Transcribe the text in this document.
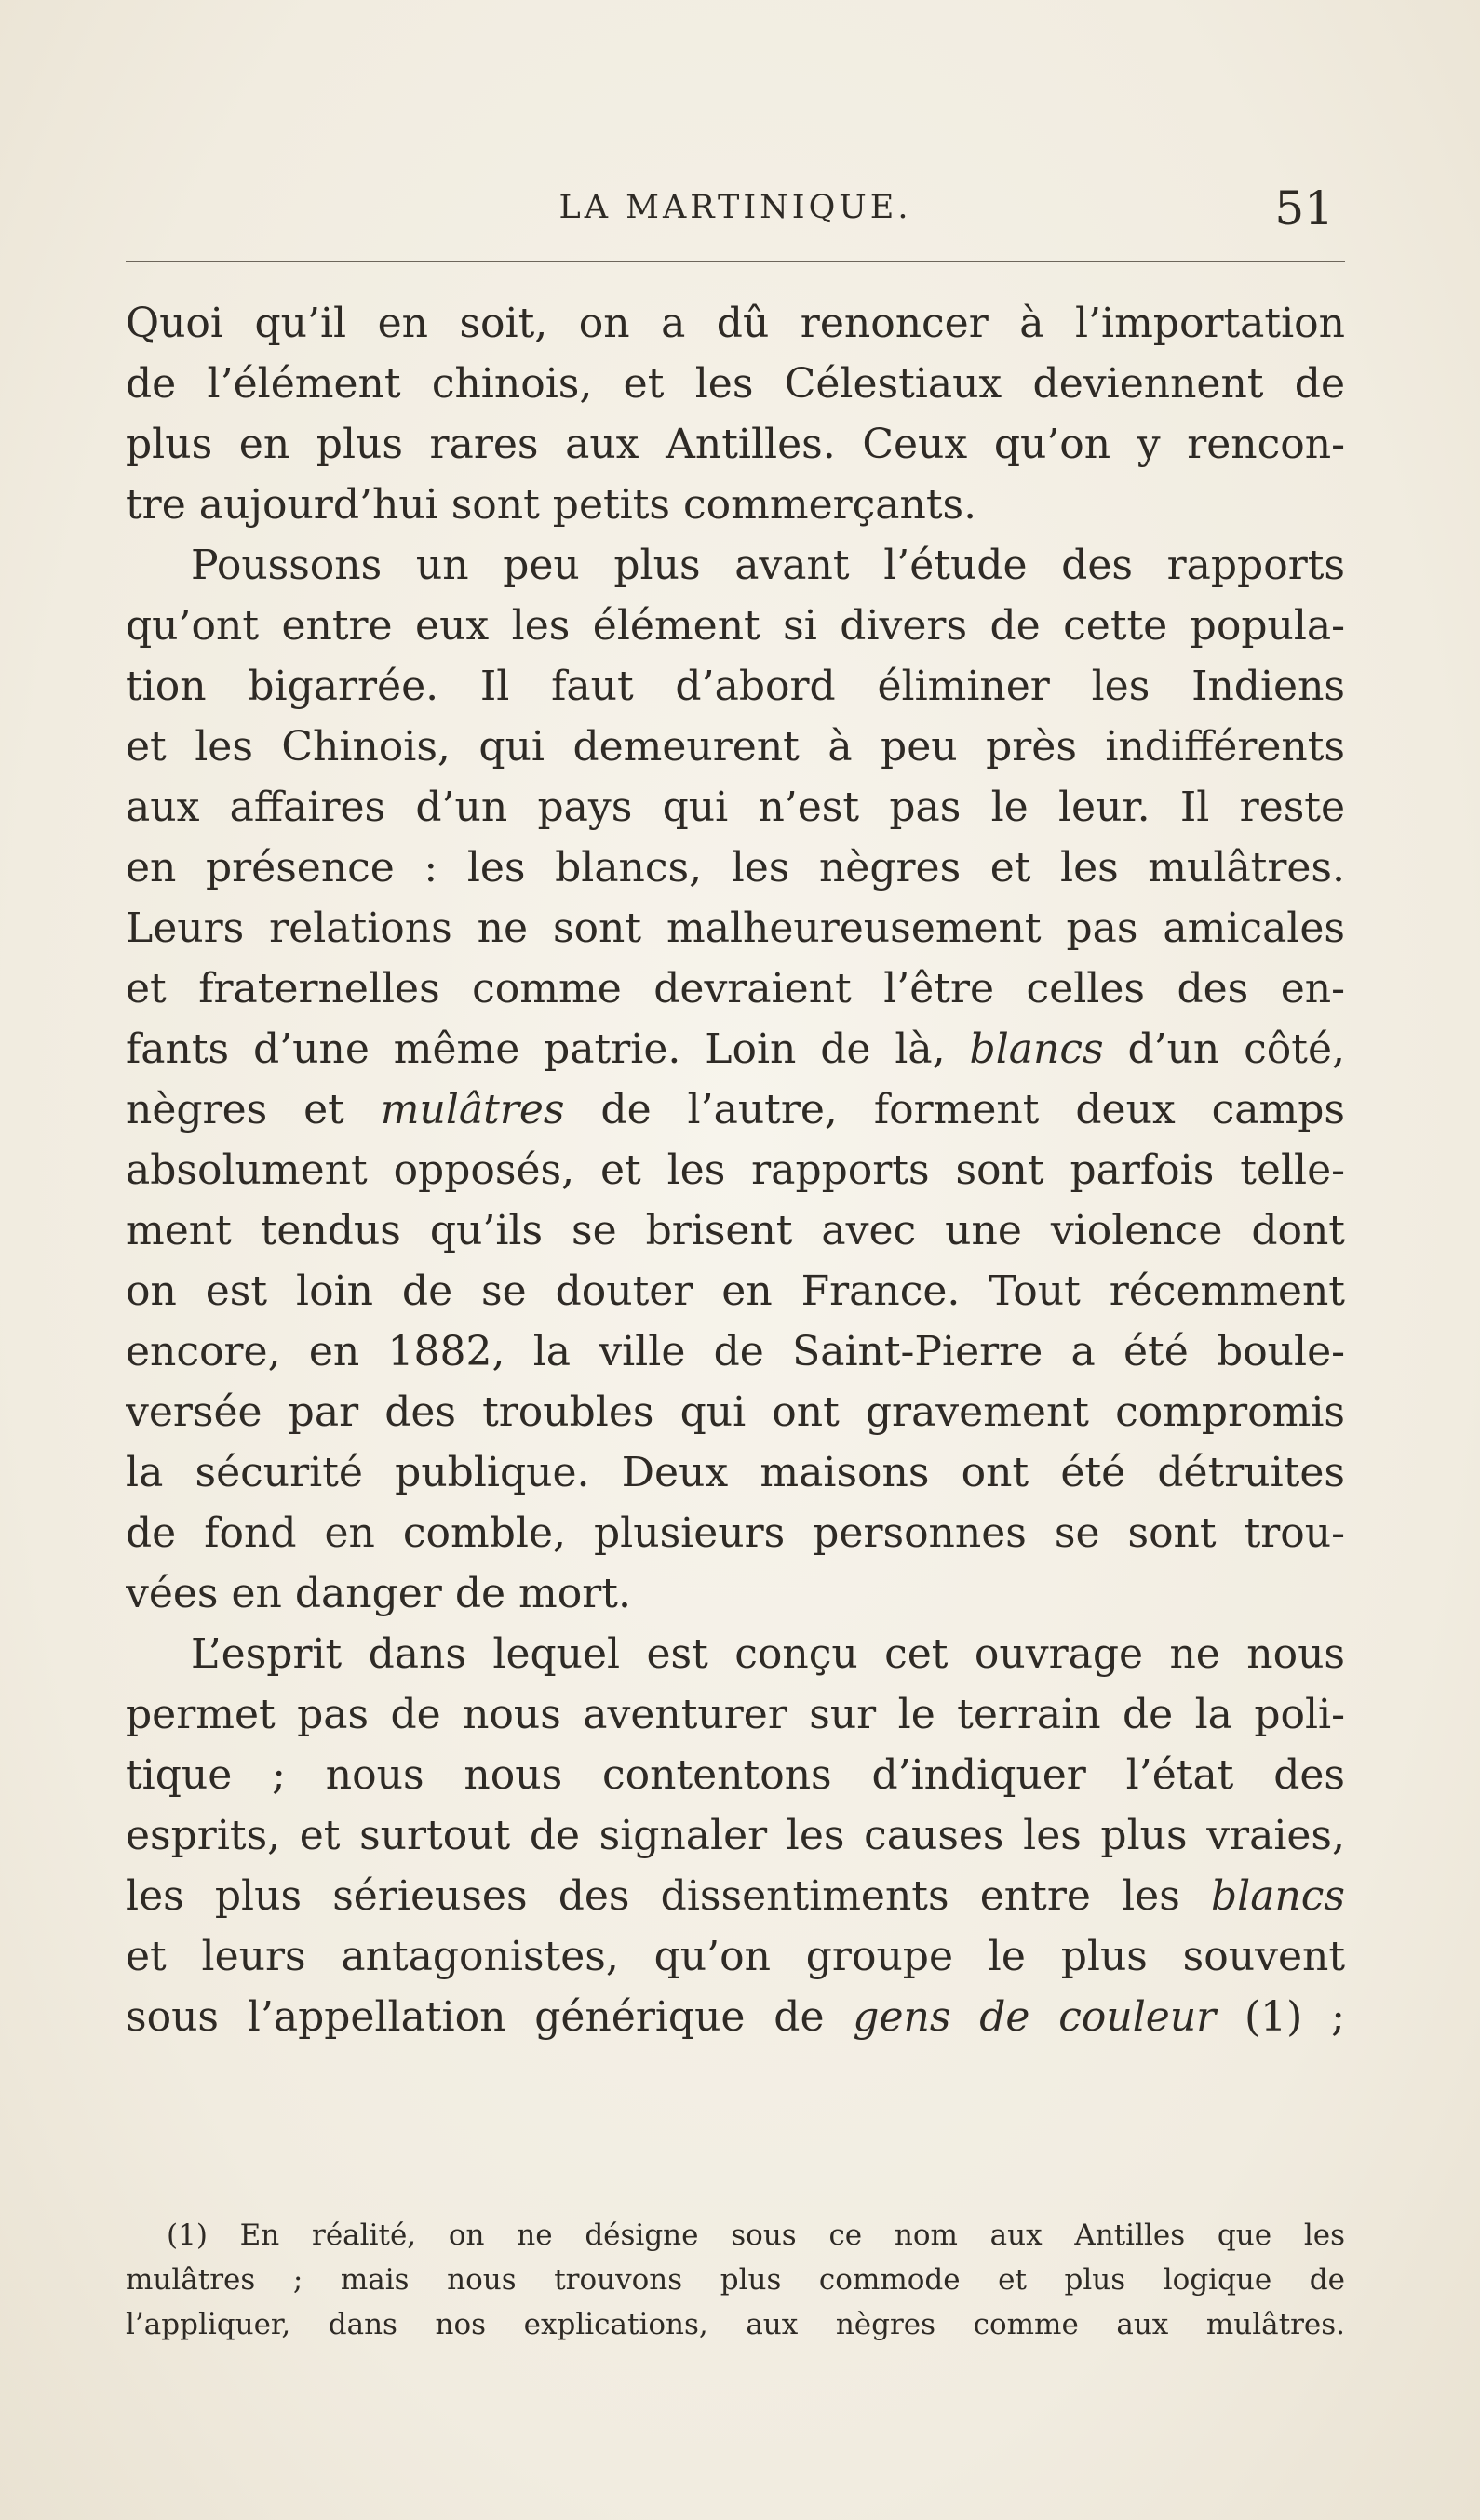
LA MARTINIQUE.	51
Quoi qu’il en soit, on a dû renoncer à l’importation
de l’élément chinois, et les Célestiaux deviennent de
plus en plus rares aux Antilles. Ceux qu’on y rencon-
tre aujourd’hui sont petits commerçants.
Poussons un peu plus avant l’étude des rapports
qu’ont entre eux les élément si divers de cette popula-
tion bigarrée. Il faut d’abord éliminer les Indiens
et les Chinois, qui demeurent à peu près indifférents
aux affaires d’un pays qui n’est pas le leur. Il reste
en présence : les blancs, les nègres et les mulâtres.
Leurs relations ne sont malheureusement pas amicales
et fraternelles comme devraient l’être celles des en-
fants d’une même patrie. Loin de là, blancs d’un côté,
nègres et mulâtres de l’autre, forment deux camps
absolument opposés, et les rapports sont parfois telle-
ment tendus qu’ils se brisent avec une violence dont
on est loin de se douter en France. Tout récemment
encore, en 1882, la ville de Saint-Pierre a été boule-
versée par des troubles qui ont gravement compromis
la sécurité publique. Deux maisons ont été détruites
de fond en comble, plusieurs personnes se sont trou-
vées en danger de mort.
L’esprit dans lequel est conçu cet ouvrage ne nous
permet pas de nous aventurer sur le terrain de la poli-
tique ; nous nous contentons d’indiquer l’état des
esprits, et surtout de signaler les causes les plus vraies,
les plus sérieuses des dissentiments entre les blancs
et leurs antagonistes, qu’on groupe le plus souvent
sous l’appellation générique de gens de couleur (1) ;
(1) En réalité, on ne désigne sous ce nom aux Antilles que les
mulâtres ; mais nous trouvons plus commode et plus logique de
l’appliquer, dans nos explications, aux nègres comme aux mulâtres.
